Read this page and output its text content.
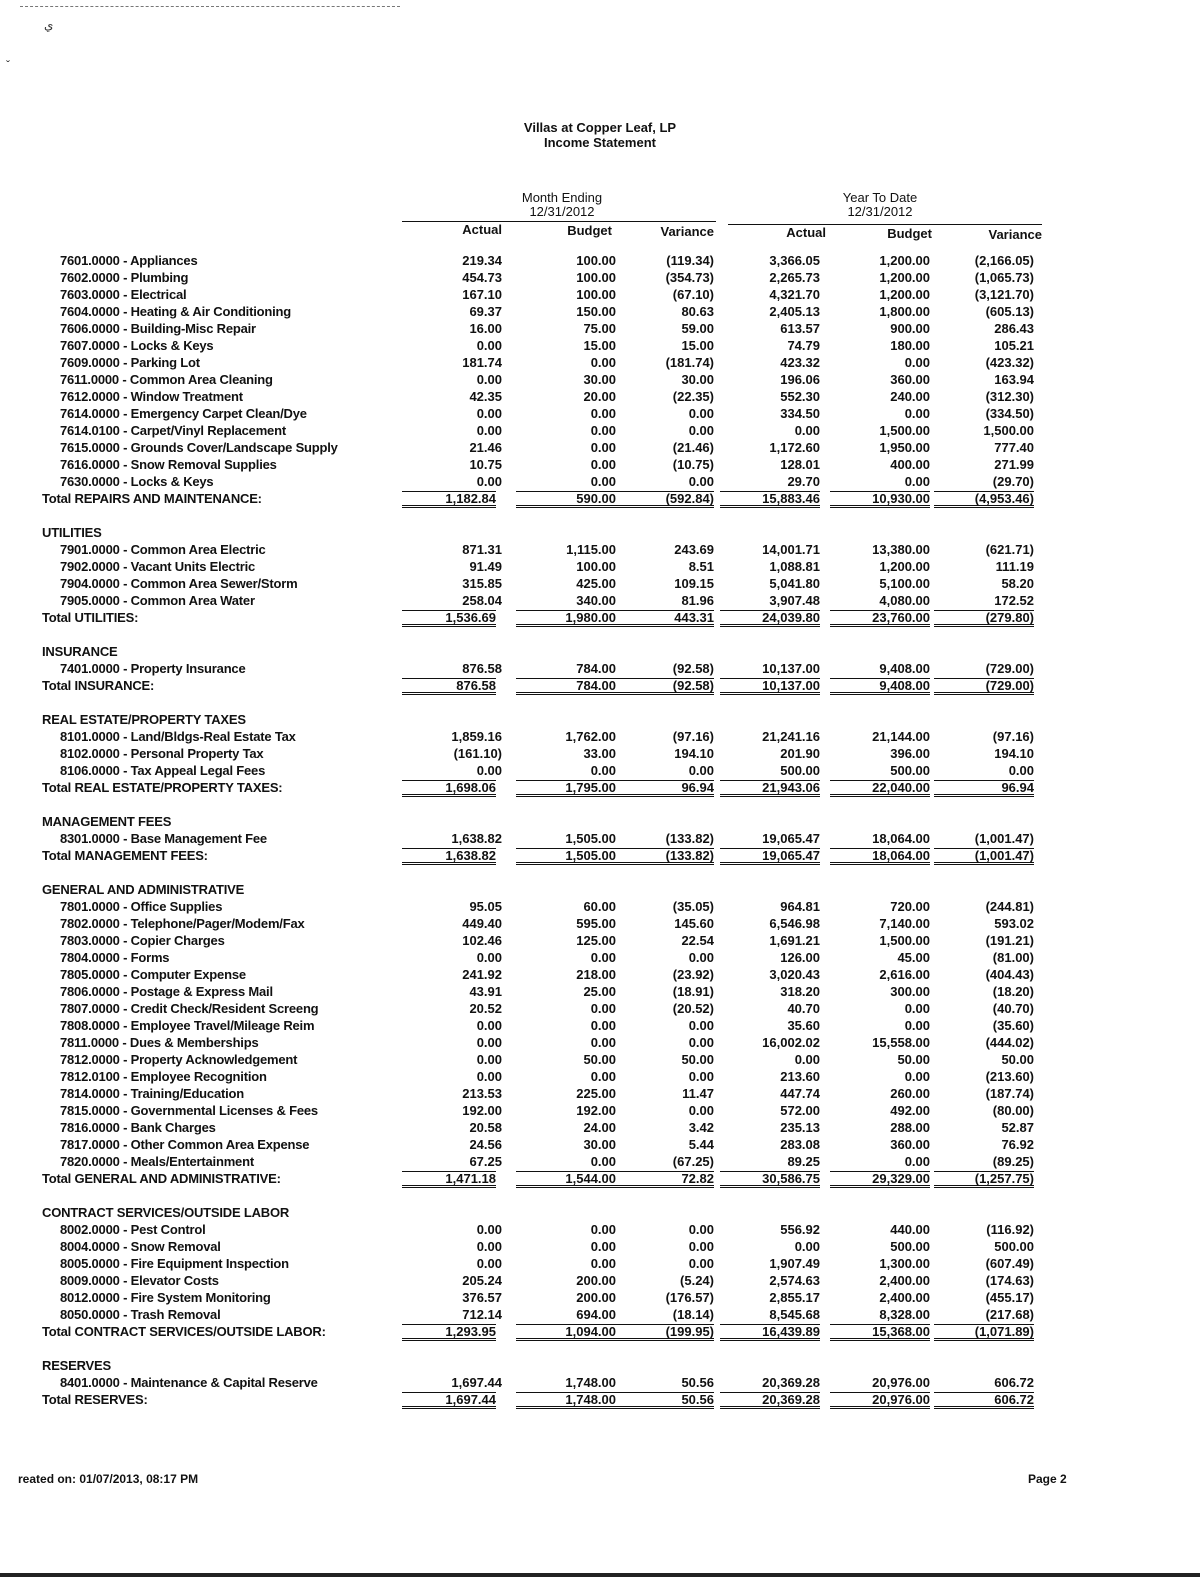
ي
ˇ
Villas at Copper Leaf, LP
Income Statement
Month Ending
12/31/2012
Year To Date
12/31/2012
Actual	Budget	Variance	Actual	Budget	Variance
7601.0000 - Appliances	219.34	100.00	(119.34)	3,366.05	1,200.00	(2,166.05)
7602.0000 - Plumbing	454.73	100.00	(354.73)	2,265.73	1,200.00	(1,065.73)
7603.0000 - Electrical	167.10	100.00	(67.10)	4,321.70	1,200.00	(3,121.70)
7604.0000 - Heating & Air Conditioning	69.37	150.00	80.63	2,405.13	1,800.00	(605.13)
7606.0000 - Building-Misc Repair	16.00	75.00	59.00	613.57	900.00	286.43
7607.0000 - Locks & Keys	0.00	15.00	15.00	74.79	180.00	105.21
7609.0000 - Parking Lot	181.74	0.00	(181.74)	423.32	0.00	(423.32)
7611.0000 - Common Area Cleaning	0.00	30.00	30.00	196.06	360.00	163.94
7612.0000 - Window Treatment	42.35	20.00	(22.35)	552.30	240.00	(312.30)
7614.0000 - Emergency Carpet Clean/Dye	0.00	0.00	0.00	334.50	0.00	(334.50)
7614.0100 - Carpet/Vinyl Replacement	0.00	0.00	0.00	0.00	1,500.00	1,500.00
7615.0000 - Grounds Cover/Landscape Supply	21.46	0.00	(21.46)	1,172.60	1,950.00	777.40
7616.0000 - Snow Removal Supplies	10.75	0.00	(10.75)	128.01	400.00	271.99
7630.0000 - Locks & Keys	0.00	0.00	0.00	29.70	0.00	(29.70)
Total REPAIRS AND MAINTENANCE:	1,182.84	590.00	(592.84)	15,883.46	10,930.00	(4,953.46)
UTILITIES
7901.0000 - Common Area Electric	871.31	1,115.00	243.69	14,001.71	13,380.00	(621.71)
7902.0000 - Vacant Units Electric	91.49	100.00	8.51	1,088.81	1,200.00	111.19
7904.0000 - Common Area Sewer/Storm	315.85	425.00	109.15	5,041.80	5,100.00	58.20
7905.0000 - Common Area Water	258.04	340.00	81.96	3,907.48	4,080.00	172.52
Total UTILITIES:	1,536.69	1,980.00	443.31	24,039.80	23,760.00	(279.80)
INSURANCE
7401.0000 - Property Insurance	876.58	784.00	(92.58)	10,137.00	9,408.00	(729.00)
Total INSURANCE:	876.58	784.00	(92.58)	10,137.00	9,408.00	(729.00)
REAL ESTATE/PROPERTY TAXES
8101.0000 - Land/Bldgs-Real Estate Tax	1,859.16	1,762.00	(97.16)	21,241.16	21,144.00	(97.16)
8102.0000 - Personal Property Tax	(161.10)	33.00	194.10	201.90	396.00	194.10
8106.0000 - Tax Appeal Legal Fees	0.00	0.00	0.00	500.00	500.00	0.00
Total REAL ESTATE/PROPERTY TAXES:	1,698.06	1,795.00	96.94	21,943.06	22,040.00	96.94
MANAGEMENT FEES
8301.0000 - Base Management Fee	1,638.82	1,505.00	(133.82)	19,065.47	18,064.00	(1,001.47)
Total MANAGEMENT FEES:	1,638.82	1,505.00	(133.82)	19,065.47	18,064.00	(1,001.47)
GENERAL AND ADMINISTRATIVE
7801.0000 - Office Supplies	95.05	60.00	(35.05)	964.81	720.00	(244.81)
7802.0000 - Telephone/Pager/Modem/Fax	449.40	595.00	145.60	6,546.98	7,140.00	593.02
7803.0000 - Copier Charges	102.46	125.00	22.54	1,691.21	1,500.00	(191.21)
7804.0000 - Forms	0.00	0.00	0.00	126.00	45.00	(81.00)
7805.0000 - Computer Expense	241.92	218.00	(23.92)	3,020.43	2,616.00	(404.43)
7806.0000 - Postage & Express Mail	43.91	25.00	(18.91)	318.20	300.00	(18.20)
7807.0000 - Credit Check/Resident Screeng	20.52	0.00	(20.52)	40.70	0.00	(40.70)
7808.0000 - Employee Travel/Mileage Reim	0.00	0.00	0.00	35.60	0.00	(35.60)
7811.0000 - Dues & Memberships	0.00	0.00	0.00	16,002.02	15,558.00	(444.02)
7812.0000 - Property Acknowledgement	0.00	50.00	50.00	0.00	50.00	50.00
7812.0100 - Employee Recognition	0.00	0.00	0.00	213.60	0.00	(213.60)
7814.0000 - Training/Education	213.53	225.00	11.47	447.74	260.00	(187.74)
7815.0000 - Governmental Licenses & Fees	192.00	192.00	0.00	572.00	492.00	(80.00)
7816.0000 - Bank Charges	20.58	24.00	3.42	235.13	288.00	52.87
7817.0000 - Other Common Area Expense	24.56	30.00	5.44	283.08	360.00	76.92
7820.0000 - Meals/Entertainment	67.25	0.00	(67.25)	89.25	0.00	(89.25)
Total GENERAL AND ADMINISTRATIVE:	1,471.18	1,544.00	72.82	30,586.75	29,329.00	(1,257.75)
CONTRACT SERVICES/OUTSIDE LABOR
8002.0000 - Pest Control	0.00	0.00	0.00	556.92	440.00	(116.92)
8004.0000 - Snow Removal	0.00	0.00	0.00	0.00	500.00	500.00
8005.0000 - Fire Equipment Inspection	0.00	0.00	0.00	1,907.49	1,300.00	(607.49)
8009.0000 - Elevator Costs	205.24	200.00	(5.24)	2,574.63	2,400.00	(174.63)
8012.0000 - Fire System Monitoring	376.57	200.00	(176.57)	2,855.17	2,400.00	(455.17)
8050.0000 - Trash Removal	712.14	694.00	(18.14)	8,545.68	8,328.00	(217.68)
Total CONTRACT SERVICES/OUTSIDE LABOR:	1,293.95	1,094.00	(199.95)	16,439.89	15,368.00	(1,071.89)
RESERVES
8401.0000 - Maintenance & Capital Reserve	1,697.44	1,748.00	50.56	20,369.28	20,976.00	606.72
Total RESERVES:	1,697.44	1,748.00	50.56	20,369.28	20,976.00	606.72
reated on: 01/07/2013, 08:17 PM	Page 2
